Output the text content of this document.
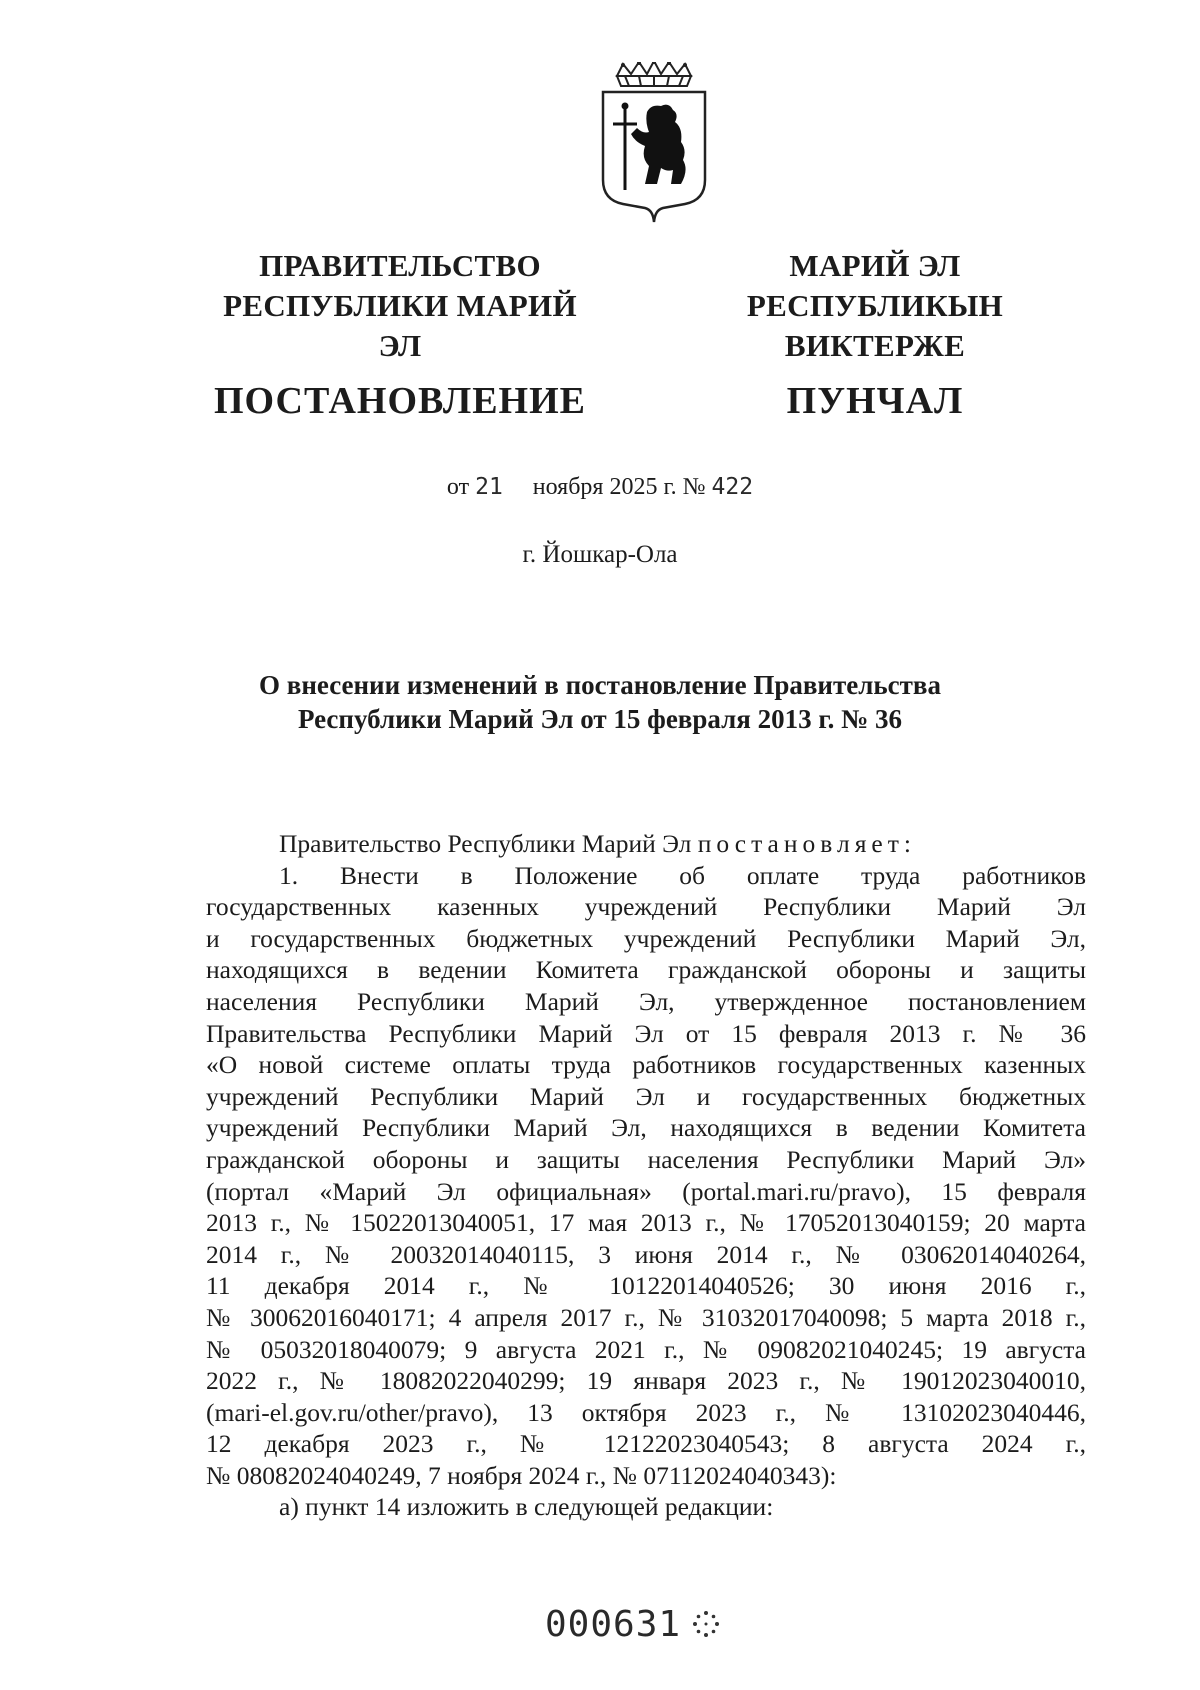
ПРАВИТЕЛЬСТВО
РЕСПУБЛИКИ МАРИЙ ЭЛ
ПОСТАНОВЛЕНИЕ
МАРИЙ ЭЛ РЕСПУБЛИКЫН
ВИКТЕРЖЕ
ПУНЧАЛ
от 21 ноября 2025 г. № 422
г. Йошкар-Ола
О внесении изменений в постановление Правительства
Республики Марий Эл от 15 февраля 2013 г. № 36
Правительство Республики Марий Эл постановляет:
1. Внести в Положение об оплате труда работников
государственных казенных учреждений Республики Марий Эл
и государственных бюджетных учреждений Республики Марий Эл,
находящихся в ведении Комитета гражданской обороны и защиты
населения Республики Марий Эл, утвержденное постановлением
Правительства Республики Марий Эл от 15 февраля 2013 г. № 36
«О новой системе оплаты труда работников государственных казенных
учреждений Республики Марий Эл и государственных бюджетных
учреждений Республики Марий Эл, находящихся в ведении Комитета
гражданской обороны и защиты населения Республики Марий Эл»
(портал «Марий Эл официальная» (portal.mari.ru/pravo), 15 февраля
2013 г., № 15022013040051, 17 мая 2013 г., № 17052013040159; 20 марта
2014 г., № 20032014040115, 3 июня 2014 г., № 03062014040264,
11 декабря 2014 г., № 10122014040526; 30 июня 2016 г.,
№ 30062016040171; 4 апреля 2017 г., № 31032017040098; 5 марта 2018 г.,
№ 05032018040079; 9 августа 2021 г., № 09082021040245; 19 августа
2022 г., № 18082022040299; 19 января 2023 г., № 19012023040010,
(mari-el.gov.ru/other/pravo), 13 октября 2023 г., № 13102023040446,
12 декабря 2023 г., № 12122023040543; 8 августа 2024 г.,
№ 08082024040249, 7 ноября 2024 г., № 07112024040343):
а) пункт 14 изложить в следующей редакции:
000631
